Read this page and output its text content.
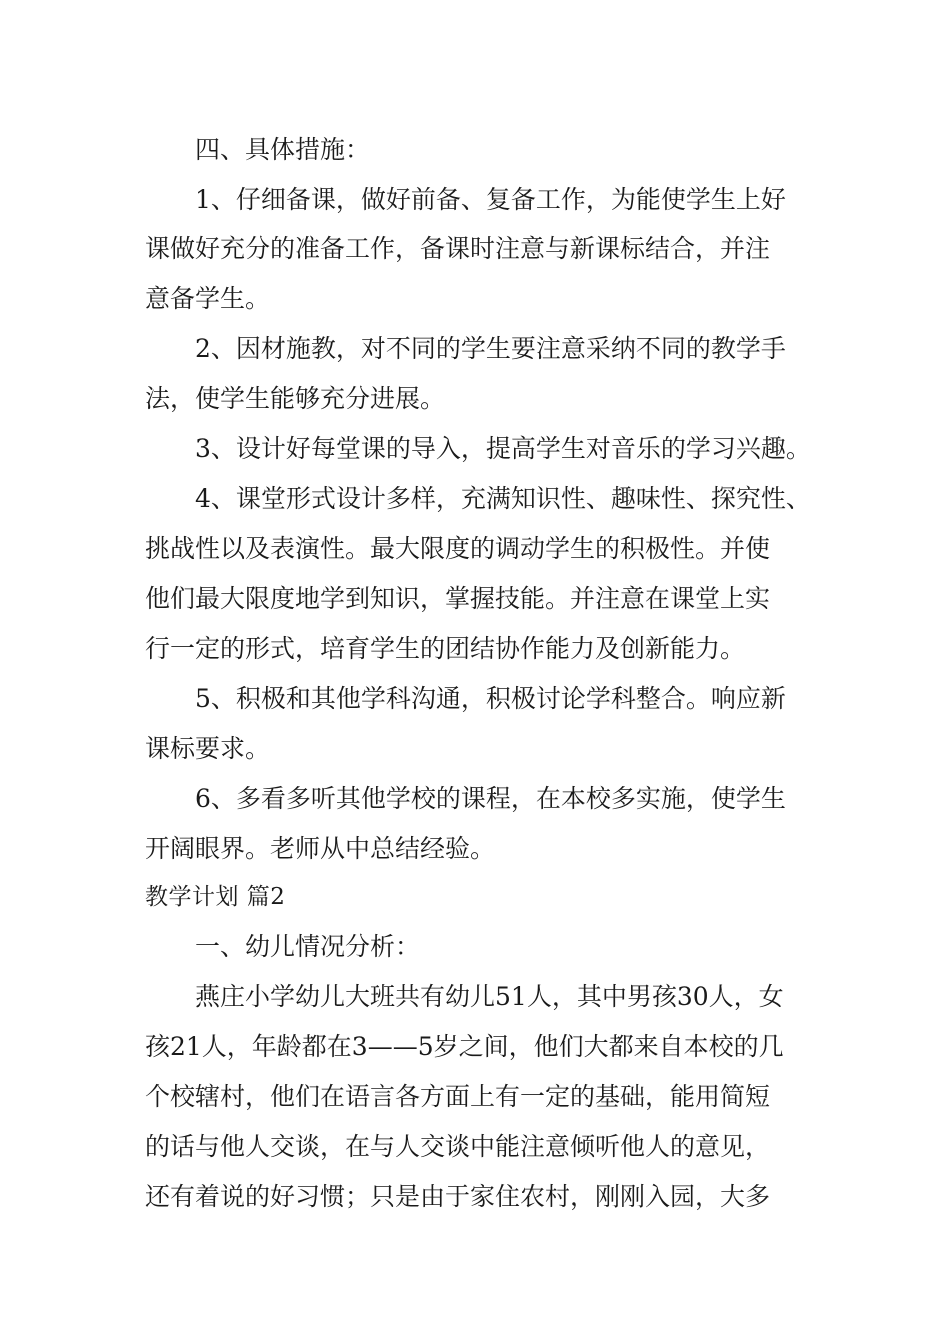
四、具体措施：
1、仔细备课，做好前备、复备工作，为能使学生上好
课做好充分的准备工作，备课时注意与新课标结合，并注
意备学生。
2、因材施教，对不同的学生要注意采纳不同的教学手
法，使学生能够充分进展。
3、设计好每堂课的导入，提高学生对音乐的学习兴趣。
4、课堂形式设计多样，充满知识性、趣味性、探究性、
挑战性以及表演性。最大限度的调动学生的积极性。并使
他们最大限度地学到知识，掌握技能。并注意在课堂上实
行一定的形式，培育学生的团结协作能力及创新能力。
5、积极和其他学科沟通，积极讨论学科整合。响应新
课标要求。
6、多看多听其他学校的课程，在本校多实施，使学生
开阔眼界。老师从中总结经验。
教学计划 篇2
一、幼儿情况分析：
燕庄小学幼儿大班共有幼儿51人，其中男孩30人，女
孩21人，年龄都在3——5岁之间，他们大都来自本校的几
个校辖村，他们在语言各方面上有一定的基础，能用简短
的话与他人交谈，在与人交谈中能注意倾听他人的意见，
还有着说的好习惯；只是由于家住农村，刚刚入园，大多
